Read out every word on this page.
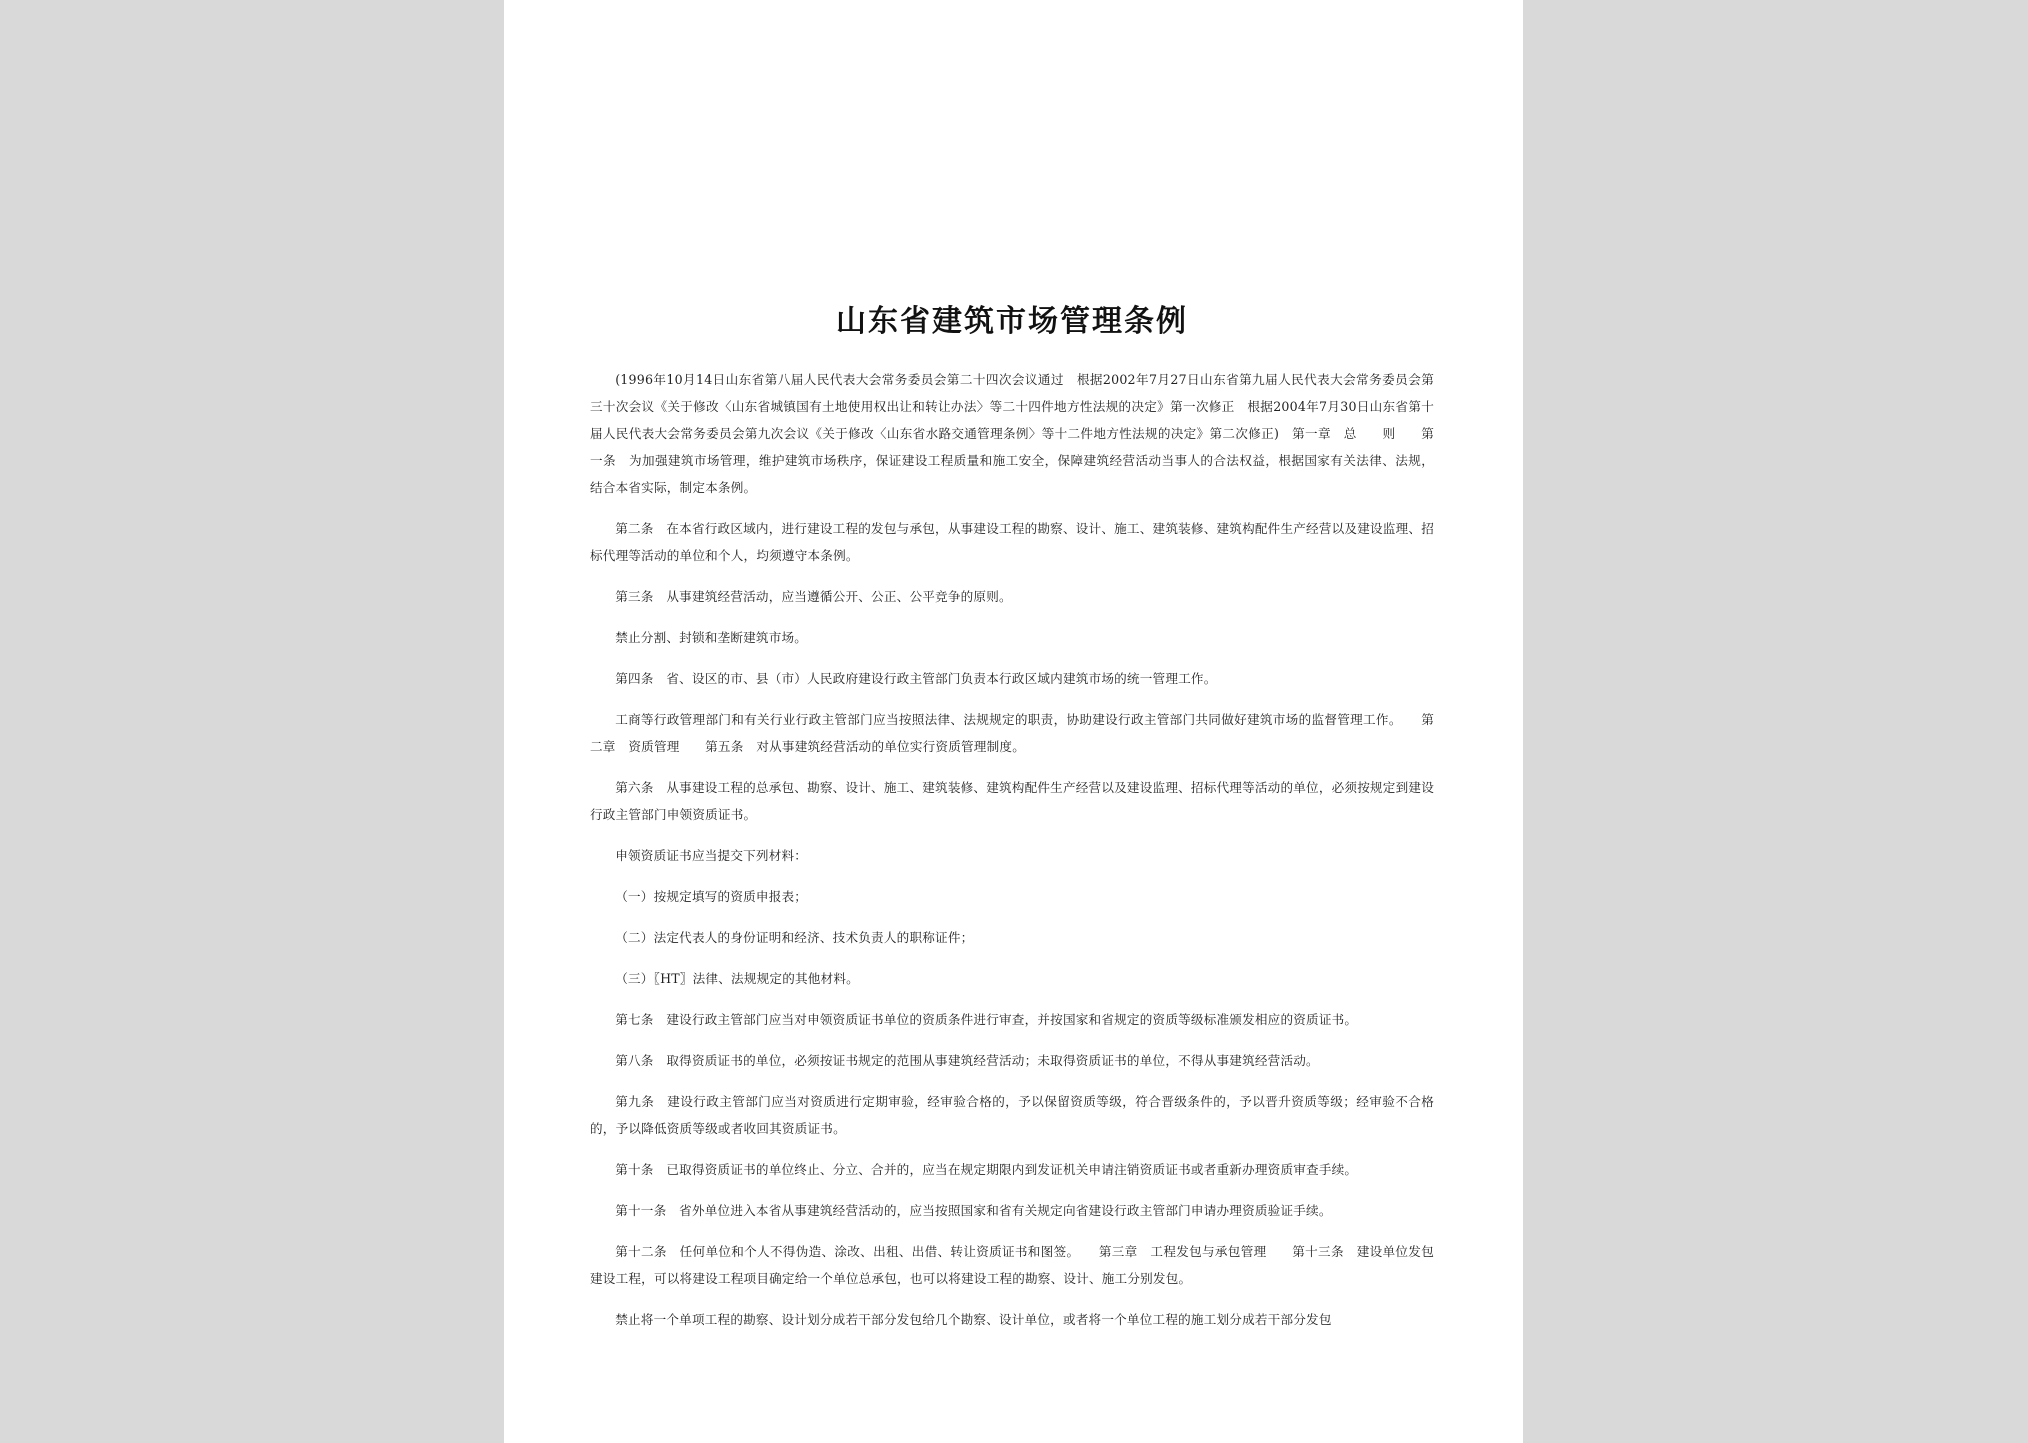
山东省建筑市场管理条例

(1996年10月14日山东省第八届人民代表大会常务委员会第二十四次会议通过　根据2002年7月27日山东省第九届人民代表大会常务委员会第三十次会议《关于修改〈山东省城镇国有土地使用权出让和转让办法〉等二十四件地方性法规的决定》第一次修正　根据2004年7月30日山东省第十届人民代表大会常务委员会第九次会议《关于修改〈山东省水路交通管理条例〉等十二件地方性法规的决定》第二次修正)　第一章　总　　则　　第一条　为加强建筑市场管理，维护建筑市场秩序，保证建设工程质量和施工安全，保障建筑经营活动当事人的合法权益，根据国家有关法律、法规，结合本省实际，制定本条例。

第二条　在本省行政区域内，进行建设工程的发包与承包，从事建设工程的勘察、设计、施工、建筑装修、建筑构配件生产经营以及建设监理、招标代理等活动的单位和个人，均须遵守本条例。

第三条　从事建筑经营活动，应当遵循公开、公正、公平竞争的原则。

禁止分割、封锁和垄断建筑市场。

第四条　省、设区的市、县（市）人民政府建设行政主管部门负责本行政区域内建筑市场的统一管理工作。

工商等行政管理部门和有关行业行政主管部门应当按照法律、法规规定的职责，协助建设行政主管部门共同做好建筑市场的监督管理工作。　　第二章　资质管理　　第五条　对从事建筑经营活动的单位实行资质管理制度。

第六条　从事建设工程的总承包、勘察、设计、施工、建筑装修、建筑构配件生产经营以及建设监理、招标代理等活动的单位，必须按规定到建设行政主管部门申领资质证书。

申领资质证书应当提交下列材料：

（一）按规定填写的资质申报表；

（二）法定代表人的身份证明和经济、技术负责人的职称证件；

（三）〖HT〗法律、法规规定的其他材料。

第七条　建设行政主管部门应当对申领资质证书单位的资质条件进行审查，并按国家和省规定的资质等级标准颁发相应的资质证书。

第八条　取得资质证书的单位，必须按证书规定的范围从事建筑经营活动；未取得资质证书的单位，不得从事建筑经营活动。

第九条　建设行政主管部门应当对资质进行定期审验，经审验合格的，予以保留资质等级，符合晋级条件的，予以晋升资质等级；经审验不合格的，予以降低资质等级或者收回其资质证书。

第十条　已取得资质证书的单位终止、分立、合并的，应当在规定期限内到发证机关申请注销资质证书或者重新办理资质审查手续。

第十一条　省外单位进入本省从事建筑经营活动的，应当按照国家和省有关规定向省建设行政主管部门申请办理资质验证手续。

第十二条　任何单位和个人不得伪造、涂改、出租、出借、转让资质证书和图签。　　第三章　工程发包与承包管理　　第十三条　建设单位发包建设工程，可以将建设工程项目确定给一个单位总承包，也可以将建设工程的勘察、设计、施工分别发包。

禁止将一个单项工程的勘察、设计划分成若干部分发包给几个勘察、设计单位，或者将一个单位工程的施工划分成若干部分发包
